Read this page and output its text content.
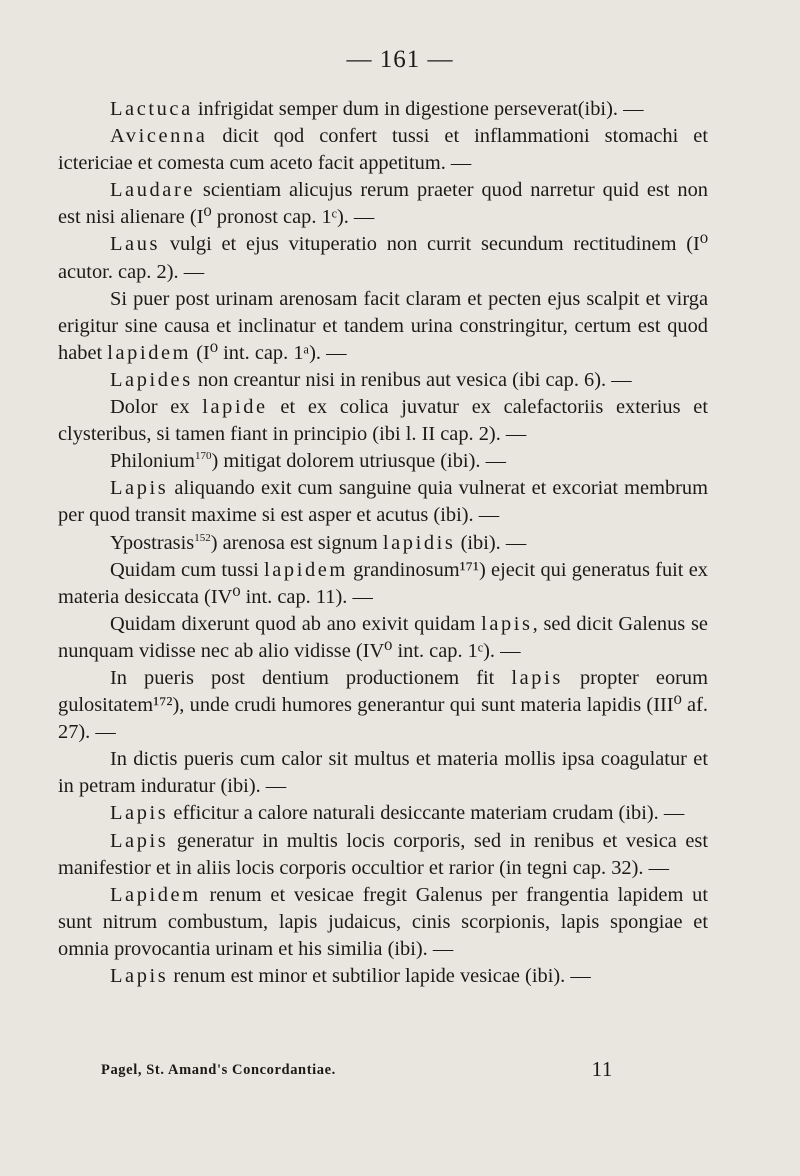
— 161 —

Lactuca infrigidat semper dum in digestione perseverat(ibi). —

Avicenna dicit qod confert tussi et inflammationi stomachi et ictericiae et comesta cum aceto facit appetitum. —

Laudare scientiam alicujus rerum praeter quod narretur quid est non est nisi alienare (I⁰ pronost cap. 1ᶜ). —

Laus vulgi et ejus vituperatio non currit secundum rectitudinem (I⁰ acutor. cap. 2). —

Si puer post urinam arenosam facit claram et pecten ejus scalpit et virga erigitur sine causa et inclinatur et tandem urina constringitur, certum est quod habet lapidem (I⁰ int. cap. 1ᵃ). —

Lapides non creantur nisi in renibus aut vesica (ibi cap. 6). —

Dolor ex lapide et ex colica juvatur ex calefactoriis exterius et clysteribus, si tamen fiant in principio (ibi l. II cap. 2). —

Philonium$^{170}$) mitigat dolorem utriusque (ibi). —

Lapis aliquando exit cum sanguine quia vulnerat et excoriat membrum per quod transit maxime si est asper et acutus (ibi). —

Ypostrasis$^{152}$) arenosa est signum lapidis (ibi). —

Quidam cum tussi lapidem grandinosum¹⁷¹) ejecit qui generatus fuit ex materia desiccata (IV⁰ int. cap. 11). —

Quidam dixerunt quod ab ano exivit quidam lapis, sed dicit Galenus se nunquam vidisse nec ab alio vidisse (IV⁰ int. cap. 1ᶜ). —

In pueris post dentium productionem fit lapis propter eorum gulositatem¹⁷²), unde crudi humores generantur qui sunt materia lapidis (III⁰ af. 27). —

In dictis pueris cum calor sit multus et materia mollis ipsa coagulatur et in petram induratur (ibi). —

Lapis efficitur a calore naturali desiccante materiam crudam (ibi). —

Lapis generatur in multis locis corporis, sed in renibus et vesica est manifestior et in aliis locis corporis occultior et rarior (in tegni cap. 32). —

Lapidem renum et vesicae fregit Galenus per frangentia lapidem ut sunt nitrum combustum, lapis judaicus, cinis scorpionis, lapis spongiae et omnia provocantia urinam et his similia (ibi). —

Lapis renum est minor et subtilior lapide vesicae (ibi). —

Pagel, St. Amand's Concordantiae.	11
